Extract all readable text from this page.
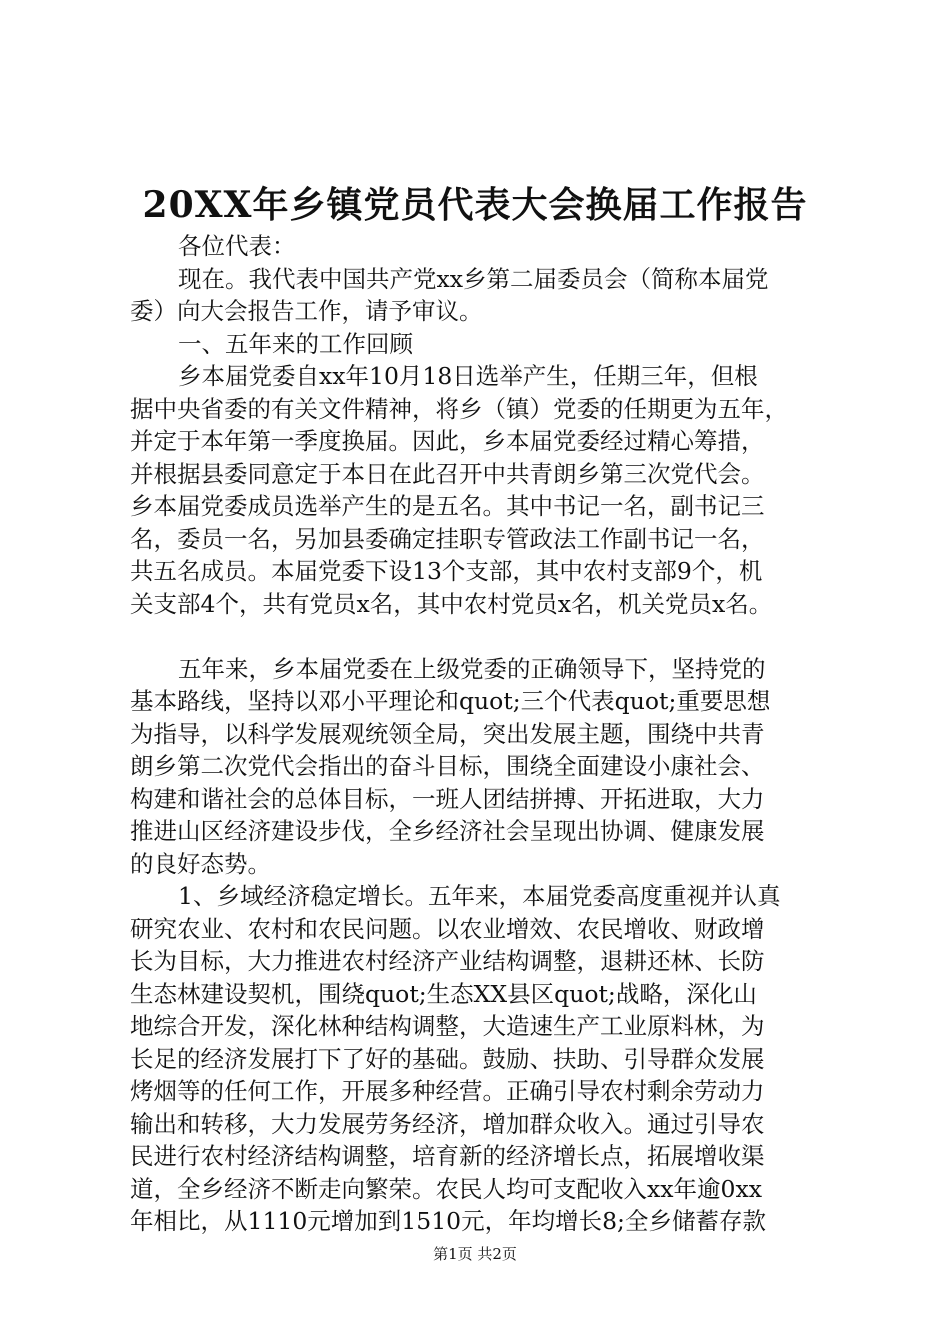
20XX年乡镇党员代表大会换届工作报告
各位代表：
现在。我代表中国共产党xx乡第二届委员会（简称本届党
委）向大会报告工作，请予审议。
一、五年来的工作回顾
乡本届党委自xx年10月18日选举产生，任期三年，但根
据中央省委的有关文件精神，将乡（镇）党委的任期更为五年，
并定于本年第一季度换届。因此，乡本届党委经过精心筹措，
并根据县委同意定于本日在此召开中共青朗乡第三次党代会。
乡本届党委成员选举产生的是五名。其中书记一名，副书记三
名，委员一名，另加县委确定挂职专管政法工作副书记一名，
共五名成员。本届党委下设13个支部，其中农村支部9个，机
关支部4个，共有党员x名，其中农村党员x名，机关党员x名。
五年来，乡本届党委在上级党委的正确领导下，坚持党的
基本路线，坚持以邓小平理论和quot;三个代表quot;重要思想
为指导，以科学发展观统领全局，突出发展主题，围绕中共青
朗乡第二次党代会指出的奋斗目标，围绕全面建设小康社会、
构建和谐社会的总体目标，一班人团结拼搏、开拓进取，大力
推进山区经济建设步伐，全乡经济社会呈现出协调、健康发展
的良好态势。
1、乡域经济稳定增长。五年来，本届党委高度重视并认真
研究农业、农村和农民问题。以农业增效、农民增收、财政增
长为目标，大力推进农村经济产业结构调整，退耕还林、长防
生态林建设契机，围绕quot;生态XX县区quot;战略，深化山
地综合开发，深化林种结构调整，大造速生产工业原料林，为
长足的经济发展打下了好的基础。鼓励、扶助、引导群众发展
烤烟等的任何工作，开展多种经营。正确引导农村剩余劳动力
输出和转移，大力发展劳务经济，增加群众收入。通过引导农
民进行农村经济结构调整，培育新的经济增长点，拓展增收渠
道，全乡经济不断走向繁荣。农民人均可支配收入xx年逾0xx
年相比，从1110元增加到1510元，年均增长8;全乡储蓄存款
第1页 共2页
